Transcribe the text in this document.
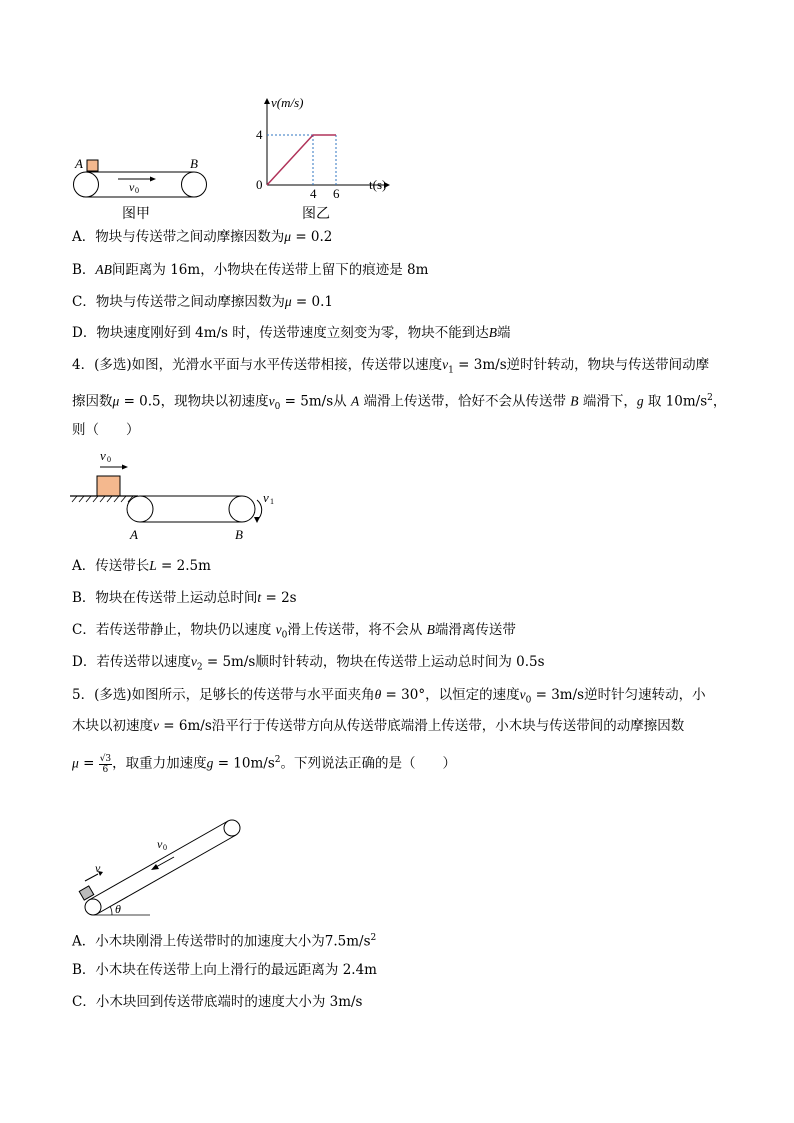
A	B
v 0
图甲
v(m/s)
t(s)
0
4
4 6
图乙
A．物块与传送带之间动摩擦因数为μ = 0.2
B．AB间距离为 16m，小物块在传送带上留下的痕迹是 8m
C．物块与传送带之间动摩擦因数为μ = 0.1
D．物块速度刚好到 4m/s 时，传送带速度立刻变为零，物块不能到达B端
4．(多选)如图，光滑水平面与水平传送带相接，传送带以速度$v_1 = 3m/s$逆时针转动，物块与传送带间动摩
擦因数μ = 0.5，现物块以初速度$v_0 = 5m/s$从 A 端滑上传送带，恰好不会从传送带 B 端滑下，g 取 $10m/s^2$，
则（　　）
v 0
v 1
A	B
A．传送带长L = 2.5m
B．物块在传送带上运动总时间t = 2s
C．若传送带静止，物块仍以速度 $v_0$滑上传送带，将不会从 B端滑离传送带
D．若传送带以速度$v_2 = 5m/s$顺时针转动，物块在传送带上运动总时间为 0.5s
5．(多选)如图所示，足够长的传送带与水平面夹角θ = 30°，以恒定的速度$v_0 = 3m/s$逆时针匀速转动，小
木块以初速度v = 6m/s沿平行于传送带方向从传送带底端滑上传送带，小木块与传送带间的动摩擦因数
$\mu = \frac{√3}{6}$ ，取重力加速度$g = 10m/s^2$。下列说法正确的是（　　）
θ
v
v 0
A．小木块刚滑上传送带时的加速度大小为$7.5m/s^2$
B．小木块在传送带上向上滑行的最远距离为 2.4m
C．小木块回到传送带底端时的速度大小为 3m/s
